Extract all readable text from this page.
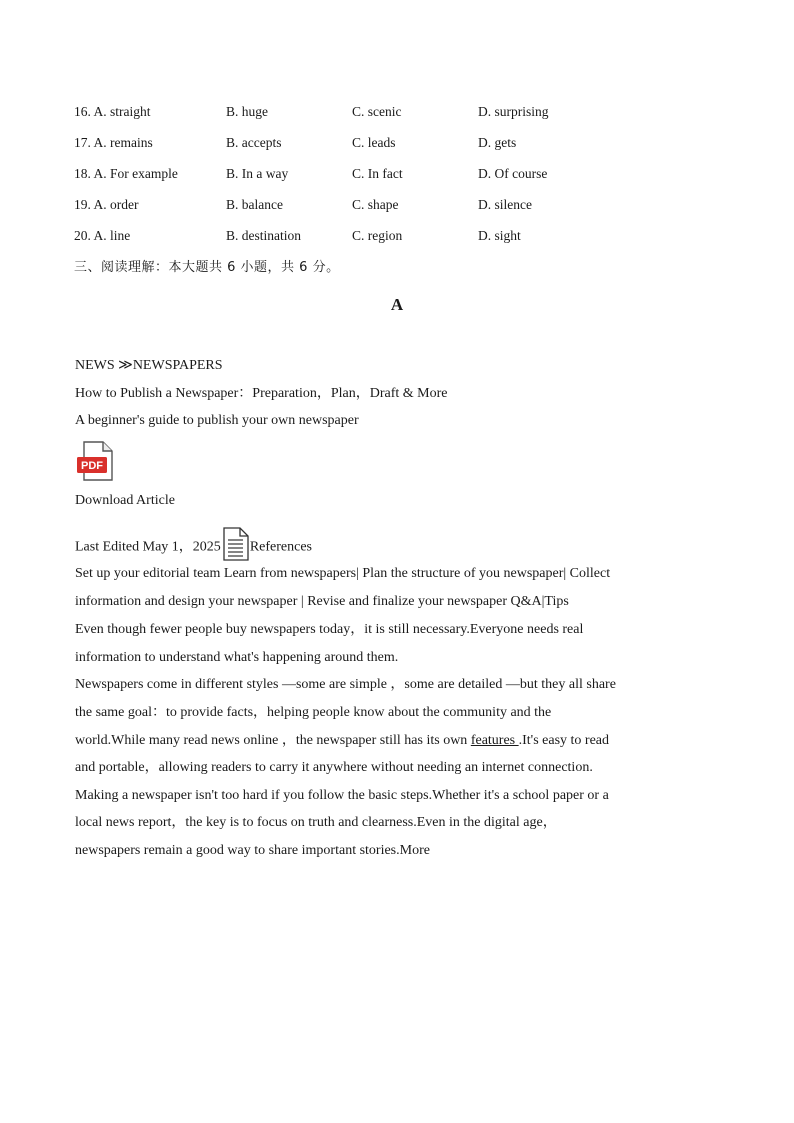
16. A. straight	B. huge	C. scenic	D. surprising
17. A. remains	B. accepts	C. leads	D. gets
18. A. For example	B. In a way	C. In fact	D. Of course
19. A. order	B. balance	C. shape	D. silence
20. A. line	B. destination	C. region	D. sight
三、阅读理解：本大题共 6 小题，共 6 分。
A
NEWS ≫NEWSPAPERS
How to Publish a Newspaper：Preparation，Plan，Draft & More
A beginner's guide to publish your own newspaper
PDF
Download Article
Last Edited May 1，2025 References
Set up your editorial team Learn from newspapers| Plan the structure of you newspaper| Collect
information and design your newspaper | Revise and finalize your newspaper Q&A|Tips
Even though fewer people buy newspapers today，it is still necessary.Everyone needs real
information to understand what's happening around them.
Newspapers come in different styles —some are simple ，some are detailed —but they all share
the same goal：to provide facts，helping people know about the community and the
world.While many read news online ，the newspaper still has its own features .It's easy to read
and portable，allowing readers to carry it anywhere without needing an internet connection.
Making a newspaper isn't too hard if you follow the basic steps.Whether it's a school paper or a
local news report，the key is to focus on truth and clearness.Even in the digital age，
newspapers remain a good way to share important stories.More
